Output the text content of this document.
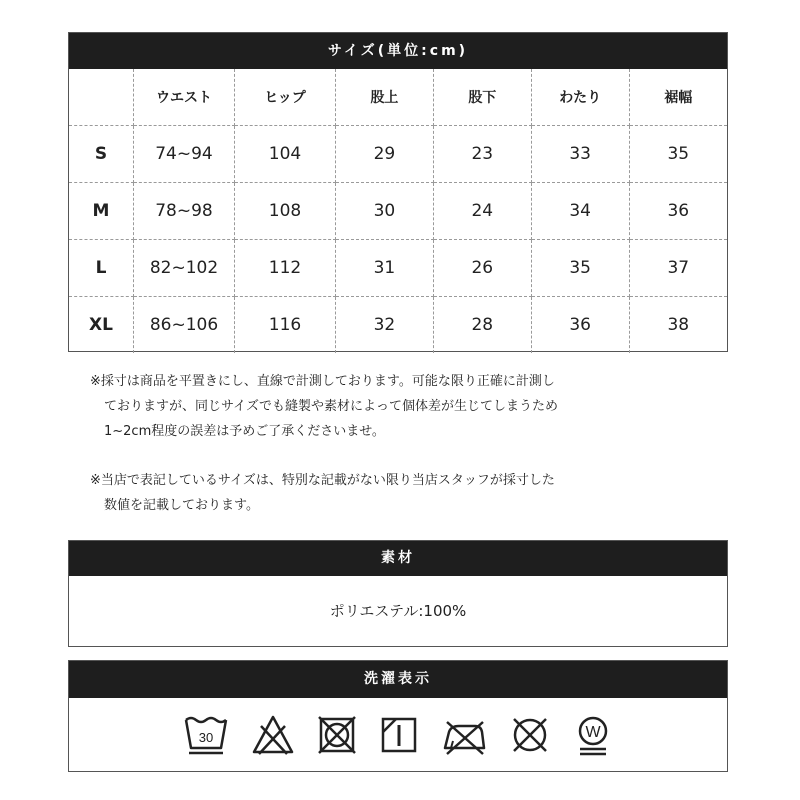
サイズ(単位:cm)
	ウエスト	ヒップ	股上	股下	わたり	裾幅
S	74~94	104	29	23	33	35
M	78~98	108	30	24	34	36
L	82~102	112	31	26	35	37
XL	86~106	116	32	28	36	38

※採寸は商品を平置きにし、直線で計測しております。可能な限り正確に計測し

ておりますが、同じサイズでも縫製や素材によって個体差が生じてしまうため

1~2cm程度の誤差は予めご了承くださいませ。

※当店で表記しているサイズは、特別な記載がない限り当店スタッフが採寸した

数値を記載しております。

素材
ポリエステル:100%
洗濯表示
30	W
